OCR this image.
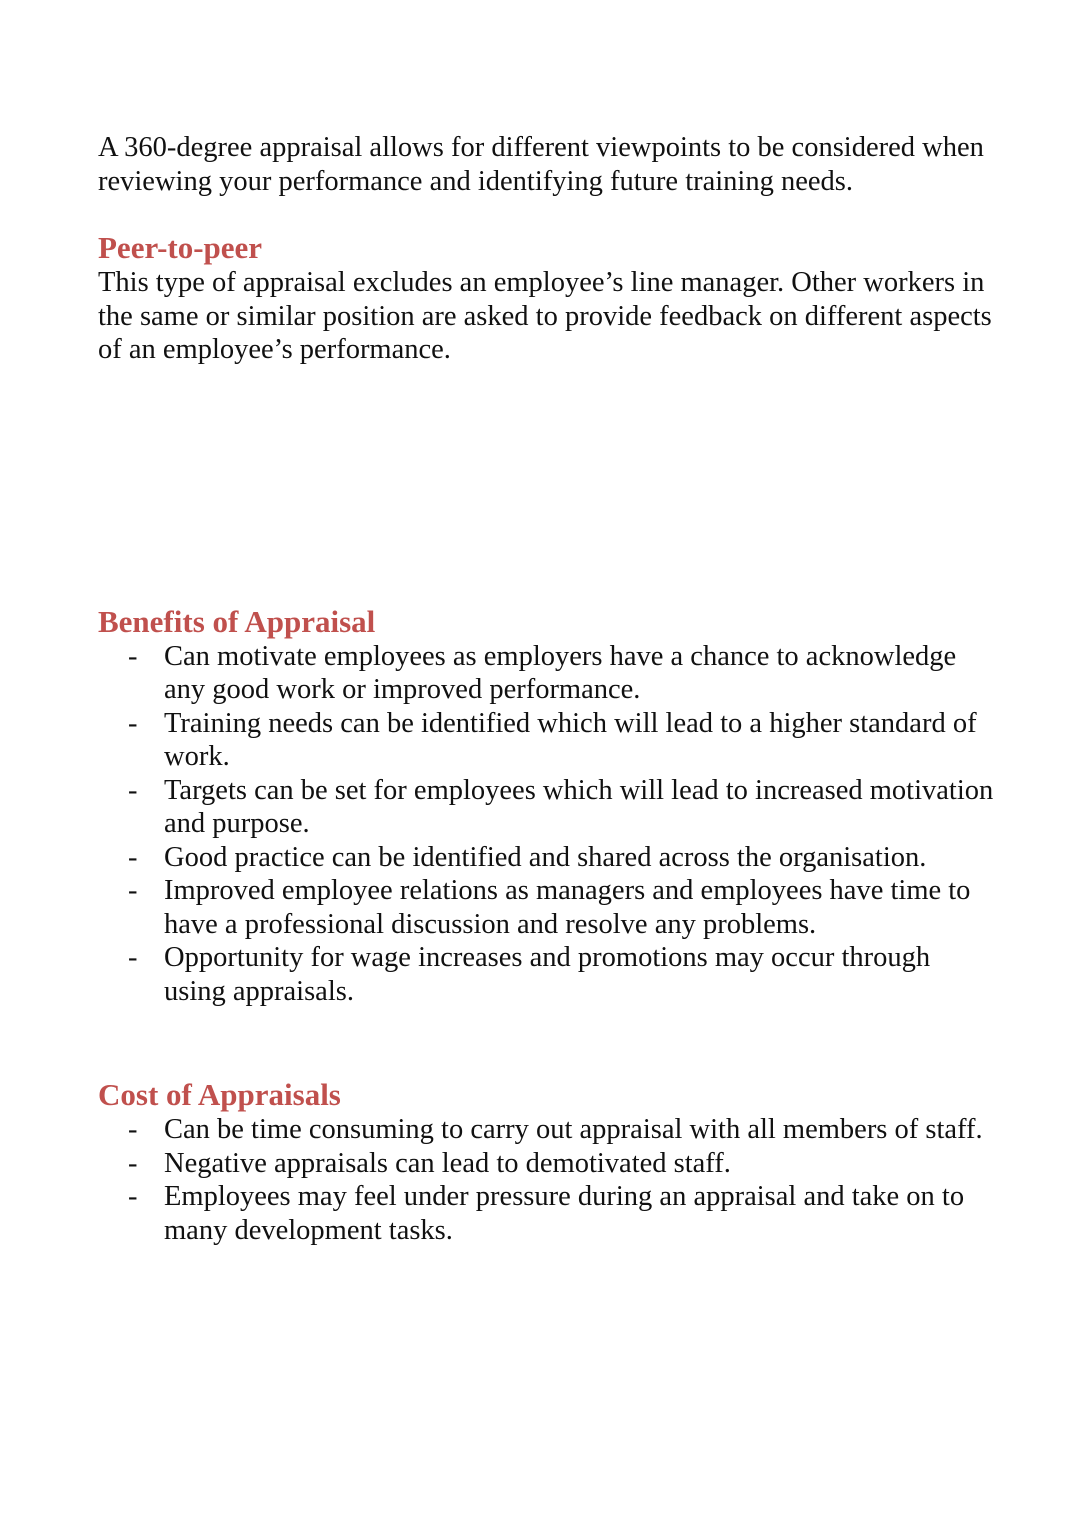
A 360-degree appraisal allows for different viewpoints to be considered when reviewing your performance and identifying future training needs.

Peer-to-peer

This type of appraisal excludes an employee’s line manager. Other workers in the same or similar position are asked to provide feedback on different aspects of an employee’s performance.

Benefits of Appraisal
- Can motivate employees as employers have a chance to acknowledge any good work or improved performance.
- Training needs can be identified which will lead to a higher standard of work.
- Targets can be set for employees which will lead to increased motivation and purpose.
- Good practice can be identified and shared across the organisation.
- Improved employee relations as managers and employees have time to have a professional discussion and resolve any problems.
- Opportunity for wage increases and promotions may occur through using appraisals.
Cost of Appraisals
- Can be time consuming to carry out appraisal with all members of staff.
- Negative appraisals can lead to demotivated staff.
- Employees may feel under pressure during an appraisal and take on to many development tasks.
